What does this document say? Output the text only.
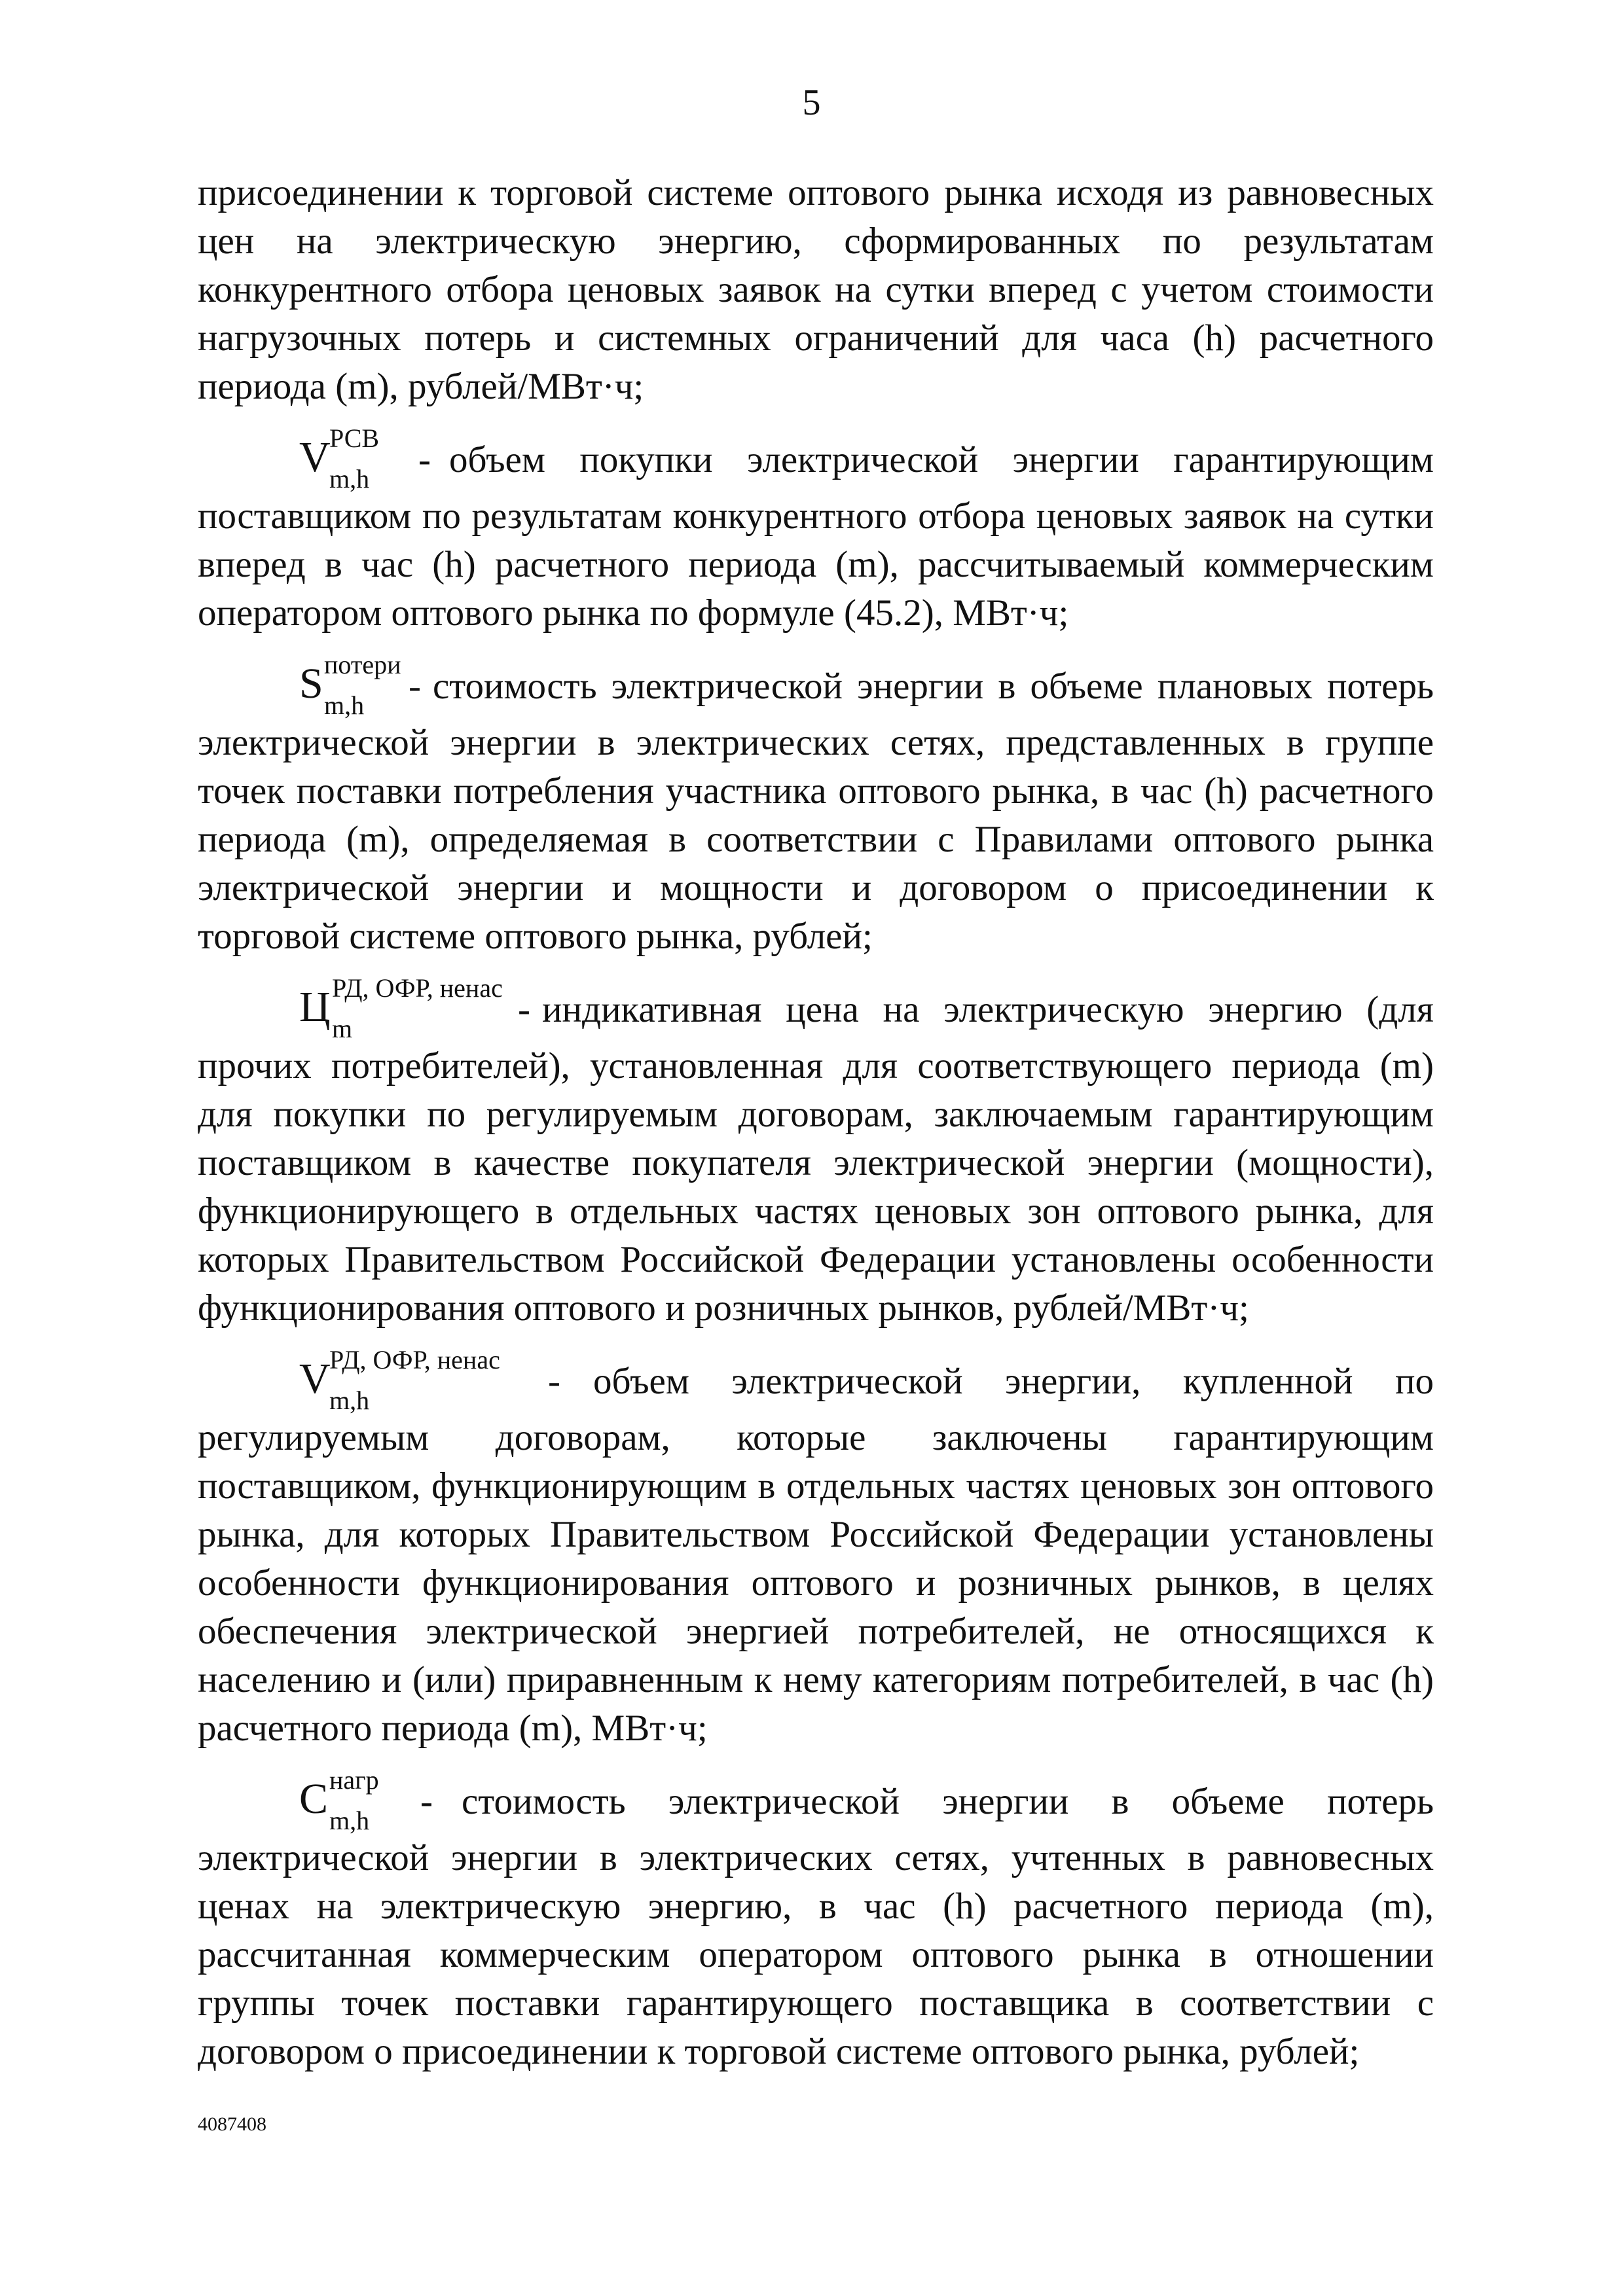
5

присоединении к торговой системе оптового рынка исходя из равновесных цен на электрическую энергию, сформированных по результатам конкурентного отбора ценовых заявок на сутки вперед с учетом стоимости нагрузочных потерь и системных ограничений для часа (h) расчетного периода (m), рублей/МВт·ч;

V
РСВ
m,h - объем покупки электрической энергии гарантирующим

поставщиком по результатам конкурентного отбора ценовых заявок на сутки вперед в час (h) расчетного периода (m), рассчитываемый коммерческим оператором оптового рынка по формуле (45.2), МВт·ч;

S потери
m,h - стоимость электрической энергии в объеме плановых потерь

электрической энергии в электрических сетях, представленных в группе точек поставки потребления участника оптового рынка, в час (h) расчетного периода (m), определяемая в соответствии с Правилами оптового рынка электрической энергии и мощности и договором о присоединении к торговой системе оптового рынка, рублей;

Ц РД, ОФР, ненас
m	- индикативная цена на электрическую энергию (для

прочих потребителей), установленная для соответствующего периода (m) для покупки по регулируемым договорам, заключаемым гарантирующим поставщиком в качестве покупателя электрической энергии (мощности), функционирующего в отдельных частях ценовых зон оптового рынка, для которых Правительством Российской Федерации установлены особенности функционирования оптового и розничных рынков, рублей/МВт·ч;

V
РД, ОФР, ненас
m,h	- объем электрической энергии, купленной по

регулируемым договорам, которые заключены гарантирующим поставщиком, функционирующим в отдельных частях ценовых зон оптового рынка, для которых Правительством Российской Федерации установлены особенности функционирования оптового и розничных рынков, в целях обеспечения электрической энергией потребителей, не относящихся к населению и (или) приравненным к нему категориям потребителей, в час (h) расчетного периода (m), МВт·ч;

C нагр
m,h - стоимость электрической энергии в объеме потерь

электрической энергии в электрических сетях, учтенных в равновесных ценах на электрическую энергию, в час (h) расчетного периода (m), рассчитанная коммерческим оператором оптового рынка в отношении группы точек поставки гарантирующего поставщика в соответствии с договором о присоединении к торговой системе оптового рынка, рублей;

4087408
